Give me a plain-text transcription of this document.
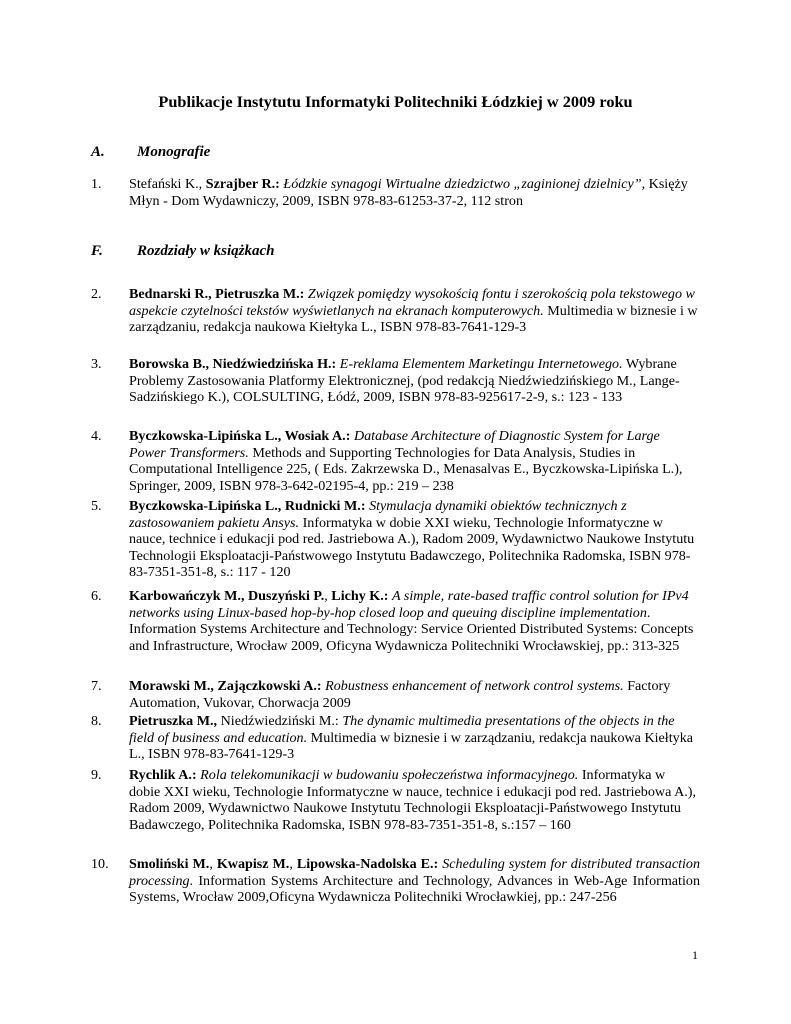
Publikacje Instytutu Informatyki Politechniki Łódzkiej w 2009 roku
A. Monografie
1. Stefański K., Szrajber R.: Łódzkie synagogi Wirtualne dziedzictwo „zaginionej dzielnicy”, Księży Młyn - Dom Wydawniczy, 2009, ISBN 978-83-61253-37-2, 112 stron
F. Rozdziały w książkach
2. Bednarski R., Pietruszka M.: Związek pomiędzy wysokością fontu i szerokością pola tekstowego w aspekcie czytelności tekstów wyświetlanych na ekranach komputerowych. Multimedia w biznesie i w zarządzaniu, redakcja naukowa Kiełtyka L., ISBN 978-83-7641-129-3
3. Borowska B., Niedźwiedzińska H.: E-reklama Elementem Marketingu Internetowego. Wybrane Problemy Zastosowania Platformy Elektronicznej, (pod redakcją Niedźwiedzińskiego M., Lange-Sadzińskiego K.), COLSULTING, Łódź, 2009, ISBN 978-83-925617-2-9, s.: 123 - 133
4. Byczkowska-Lipińska L., Wosiak A.: Database Architecture of Diagnostic System for Large Power Transformers. Methods and Supporting Technologies for Data Analysis, Studies in Computational Intelligence 225, ( Eds. Zakrzewska D., Menasalvas E., Byczkowska-Lipińska L.), Springer, 2009, ISBN 978-3-642-02195-4, pp.: 219 – 238
5. Byczkowska-Lipińska L., Rudnicki M.: Stymulacja dynamiki obiektów technicznych z zastosowaniem pakietu Ansys. Informatyka w dobie XXI wieku, Technologie Informatyczne w nauce, technice i edukacji pod red. Jastriebowa A.), Radom 2009, Wydawnictwo Naukowe Instytutu Technologii Eksploatacji-Państwowego Instytutu Badawczego, Politechnika Radomska, ISBN 978-83-7351-351-8, s.: 117 - 120
6. Karbowańczyk M., Duszyński P., Lichy K.: A simple, rate-based traffic control solution for IPv4 networks using Linux-based hop-by-hop closed loop and queuing discipline implementation. Information Systems Architecture and Technology: Service Oriented Distributed Systems: Concepts and Infrastructure, Wrocław 2009, Oficyna Wydawnicza Politechniki Wrocławskiej, pp.: 313-325
7. Morawski M., Zajączkowski A.: Robustness enhancement of network control systems. Factory Automation, Vukovar, Chorwacja 2009
8. Pietruszka M., Niedźwiedziński M.: The dynamic multimedia presentations of the objects in the field of business and education. Multimedia w biznesie i w zarządzaniu, redakcja naukowa Kiełtyka L., ISBN 978-83-7641-129-3
9. Rychlik A.: Rola telekomunikacji w budowaniu społeczeństwa informacyjnego. Informatyka w dobie XXI wieku, Technologie Informatyczne w nauce, technice i edukacji pod red. Jastriebowa A.), Radom 2009, Wydawnictwo Naukowe Instytutu Technologii Eksploatacji-Państwowego Instytutu Badawczego, Politechnika Radomska, ISBN 978-83-7351-351-8, s.:157 – 160
10. Smoliński M., Kwapisz M., Lipowska-Nadolska E.: Scheduling system for distributed transaction processing. Information Systems Architecture and Technology, Advances in Web-Age Information Systems, Wrocław 2009,Oficyna Wydawnicza Politechniki Wrocławkiej, pp.: 247-256
1
